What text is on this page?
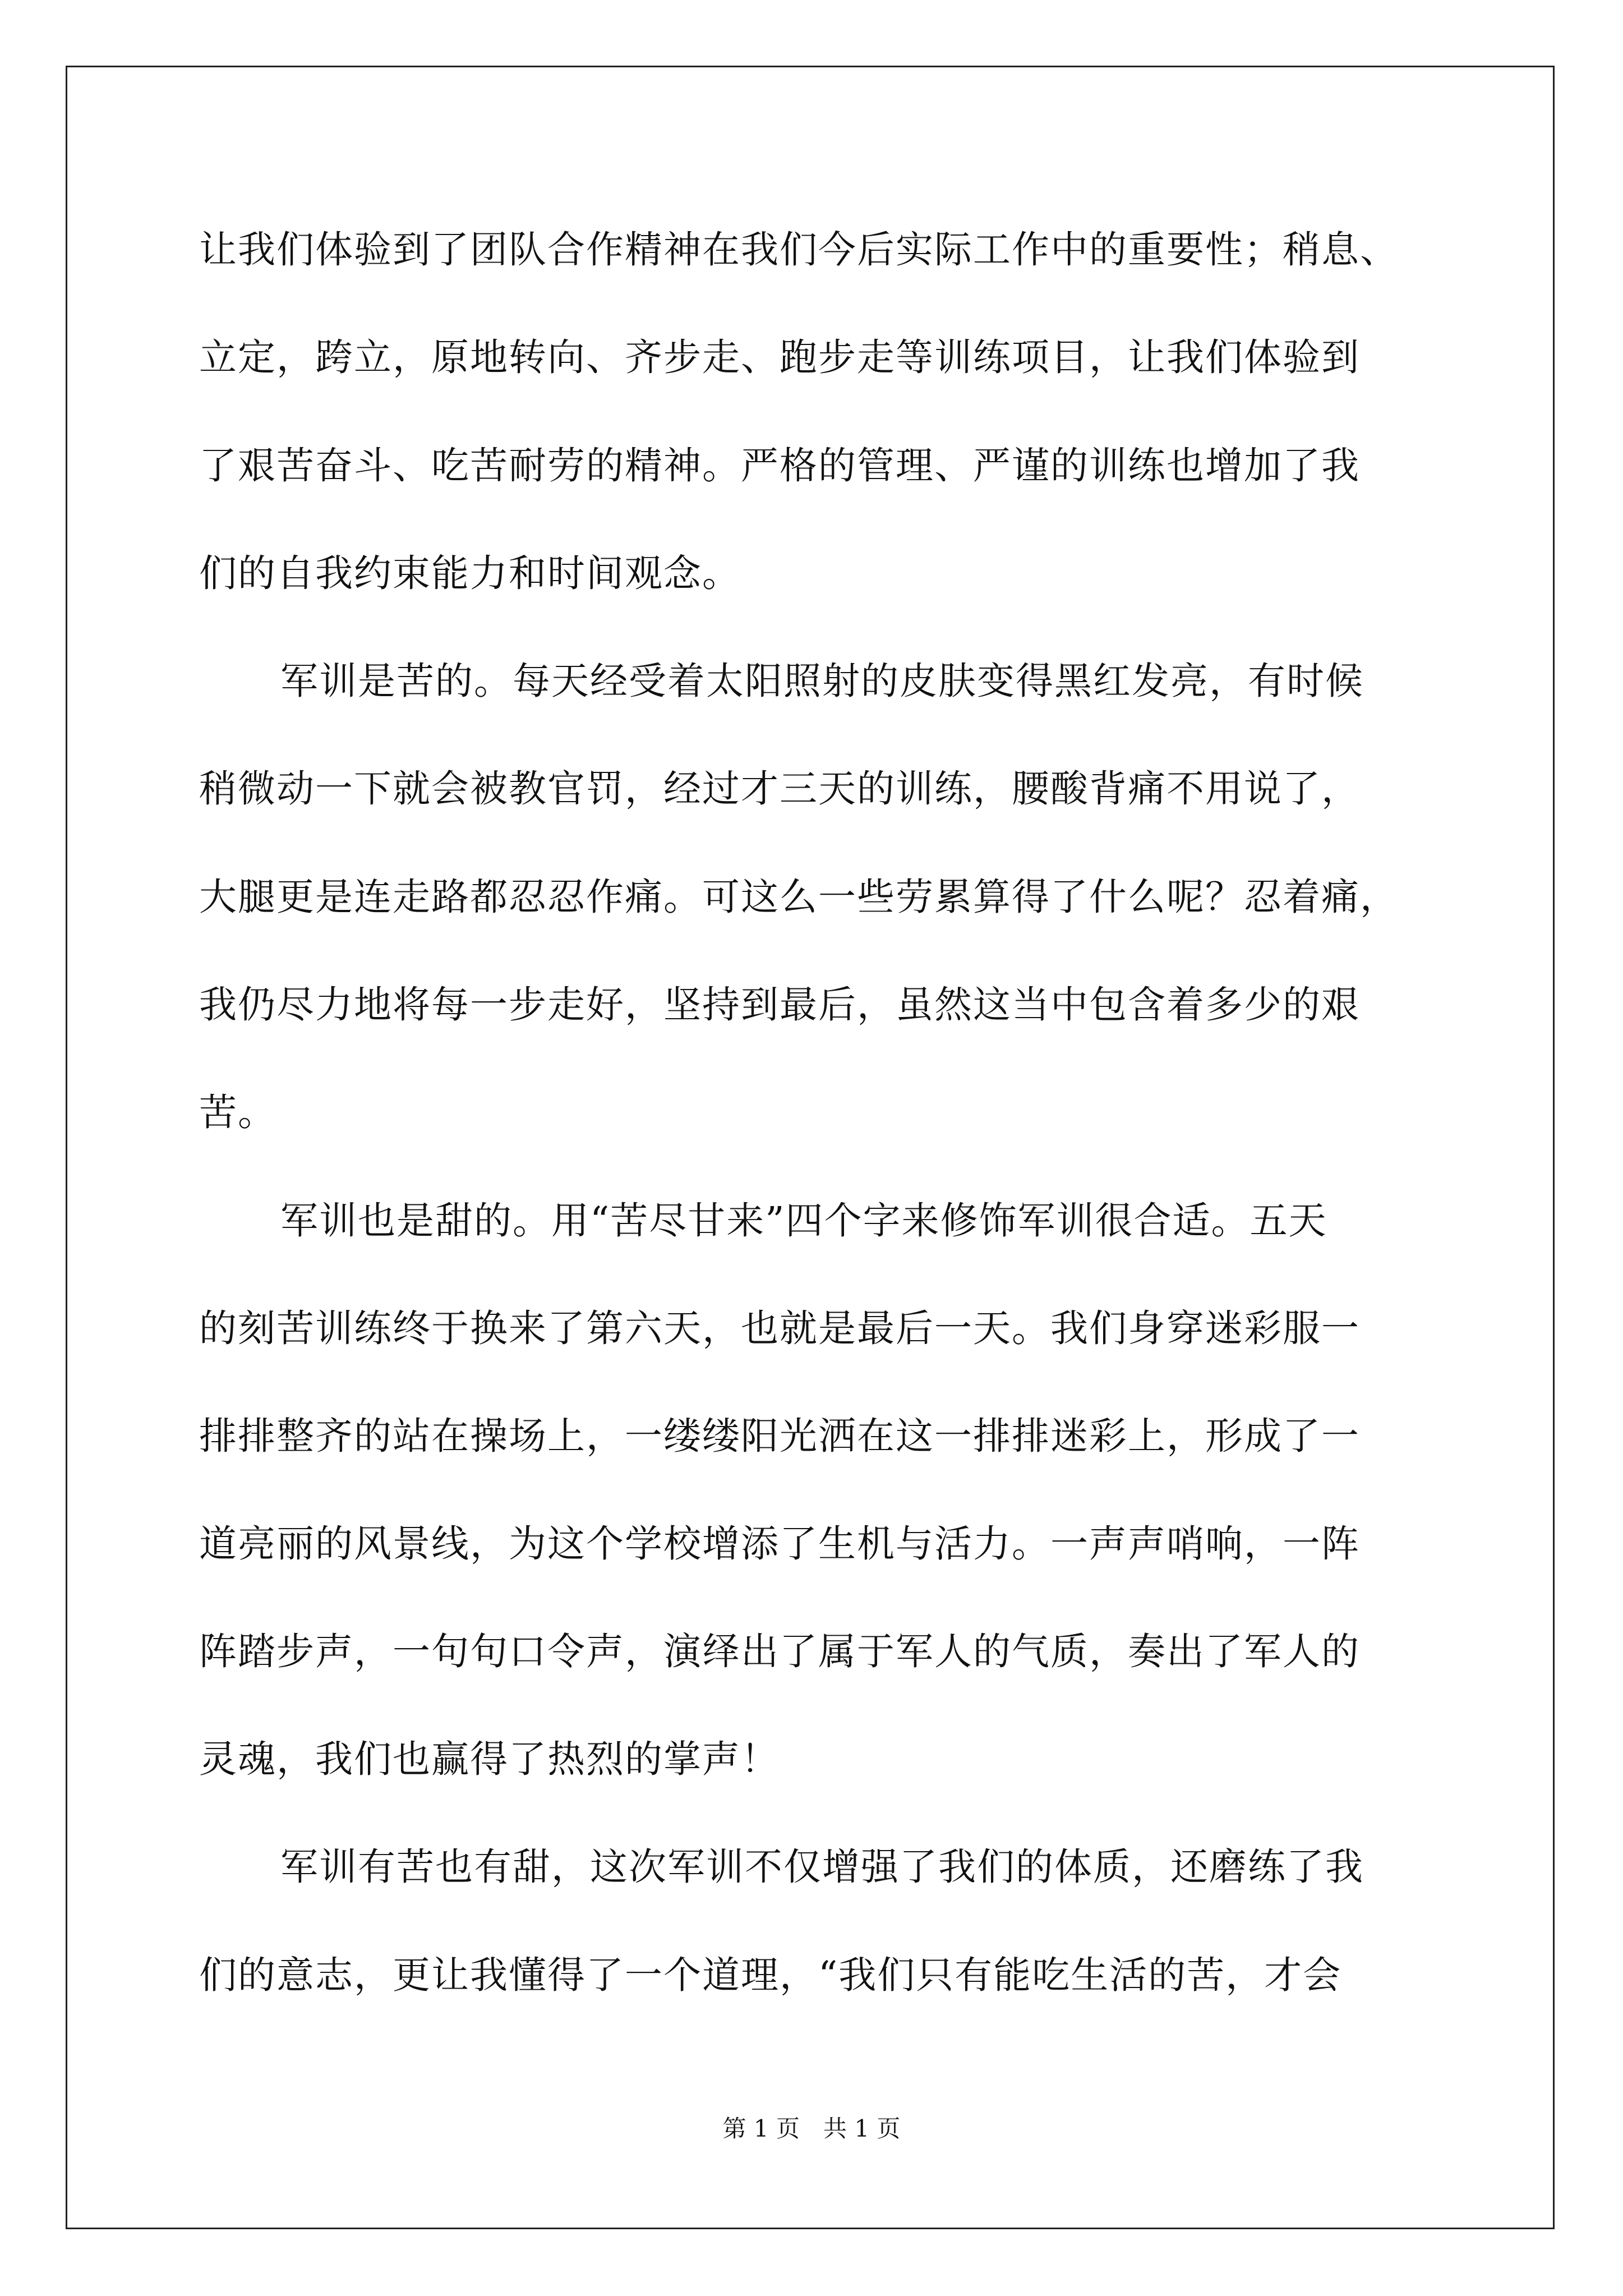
让我们体验到了团队合作精神在我们今后实际工作中的重要性；稍息、
立定，跨立，原地转向、齐步走、跑步走等训练项目，让我们体验到
了艰苦奋斗、吃苦耐劳的精神。严格的管理、严谨的训练也增加了我
们的自我约束能力和时间观念。
军训是苦的。每天经受着太阳照射的皮肤变得黑红发亮，有时候
稍微动一下就会被教官罚，经过才三天的训练，腰酸背痛不用说了，
大腿更是连走路都忍忍作痛。可这么一些劳累算得了什么呢？忍着痛，
我仍尽力地将每一步走好，坚持到最后，虽然这当中包含着多少的艰
苦。
军训也是甜的。用“苦尽甘来”四个字来修饰军训很合适。五天
的刻苦训练终于换来了第六天，也就是最后一天。我们身穿迷彩服一
排排整齐的站在操场上，一缕缕阳光洒在这一排排迷彩上，形成了一
道亮丽的风景线，为这个学校增添了生机与活力。一声声哨响，一阵
阵踏步声，一句句口令声，演绎出了属于军人的气质，奏出了军人的
灵魂，我们也赢得了热烈的掌声！
军训有苦也有甜，这次军训不仅增强了我们的体质，还磨练了我
们的意志，更让我懂得了一个道理，“我们只有能吃生活的苦，才会
第 1 页　共 1 页
